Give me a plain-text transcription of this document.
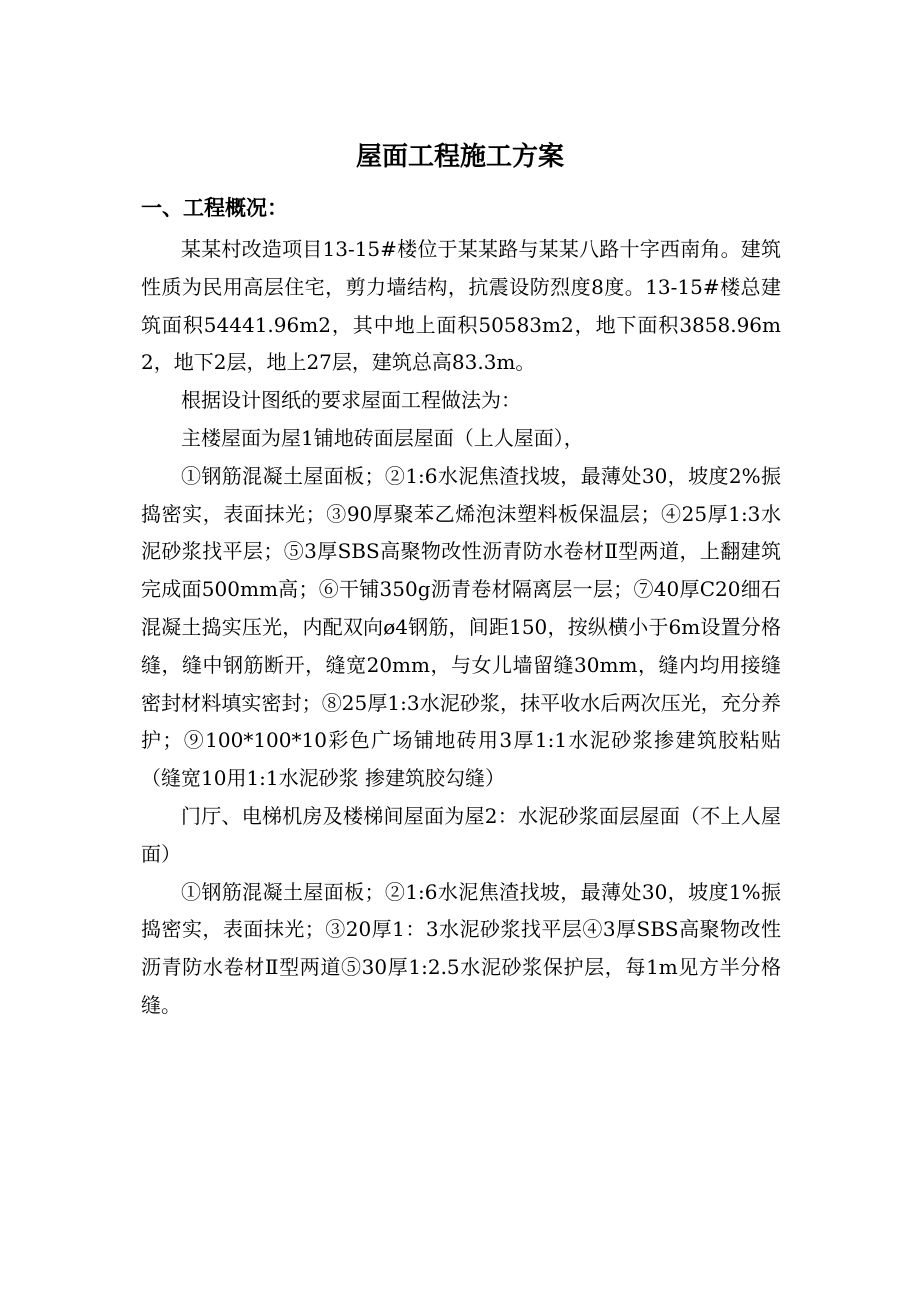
屋面工程施工方案
一、工程概况：

某某村改造项目13-15#楼位于某某路与某某八路十字西南角。建筑性质为民用高层住宅，剪力墙结构，抗震设防烈度8度。13-15#楼总建筑面积54441.96m2，其中地上面积50583m2，地下面积3858.96m2，地下2层，地上27层，建筑总高83.3m。

根据设计图纸的要求屋面工程做法为：

主楼屋面为屋1铺地砖面层屋面（上人屋面），

①钢筋混凝土屋面板；②1:6水泥焦渣找坡，最薄处30，坡度2%振捣密实，表面抹光；③90厚聚苯乙烯泡沫塑料板保温层；④25厚1:3水泥砂浆找平层；⑤3厚SBS高聚物改性沥青防水卷材Ⅱ型两道，上翻建筑完成面500mm高；⑥干铺350g沥青卷材隔离层一层；⑦40厚C20细石混凝土捣实压光，内配双向ø4钢筋，间距150，按纵横小于6m设置分格缝，缝中钢筋断开，缝宽20mm，与女儿墙留缝30mm，缝内均用接缝密封材料填实密封；⑧25厚1:3水泥砂浆，抹平收水后两次压光，充分养护；⑨100*100*10彩色广场铺地砖用3厚1:1水泥砂浆掺建筑胶粘贴（缝宽10用1:1水泥砂浆 掺建筑胶勾缝）

门厅、电梯机房及楼梯间屋面为屋2：水泥砂浆面层屋面（不上人屋面）

①钢筋混凝土屋面板；②1:6水泥焦渣找坡，最薄处30，坡度1%振捣密实，表面抹光；③20厚1：3水泥砂浆找平层④3厚SBS高聚物改性沥青防水卷材Ⅱ型两道⑤30厚1:2.5水泥砂浆保护层，每1m见方半分格缝。
